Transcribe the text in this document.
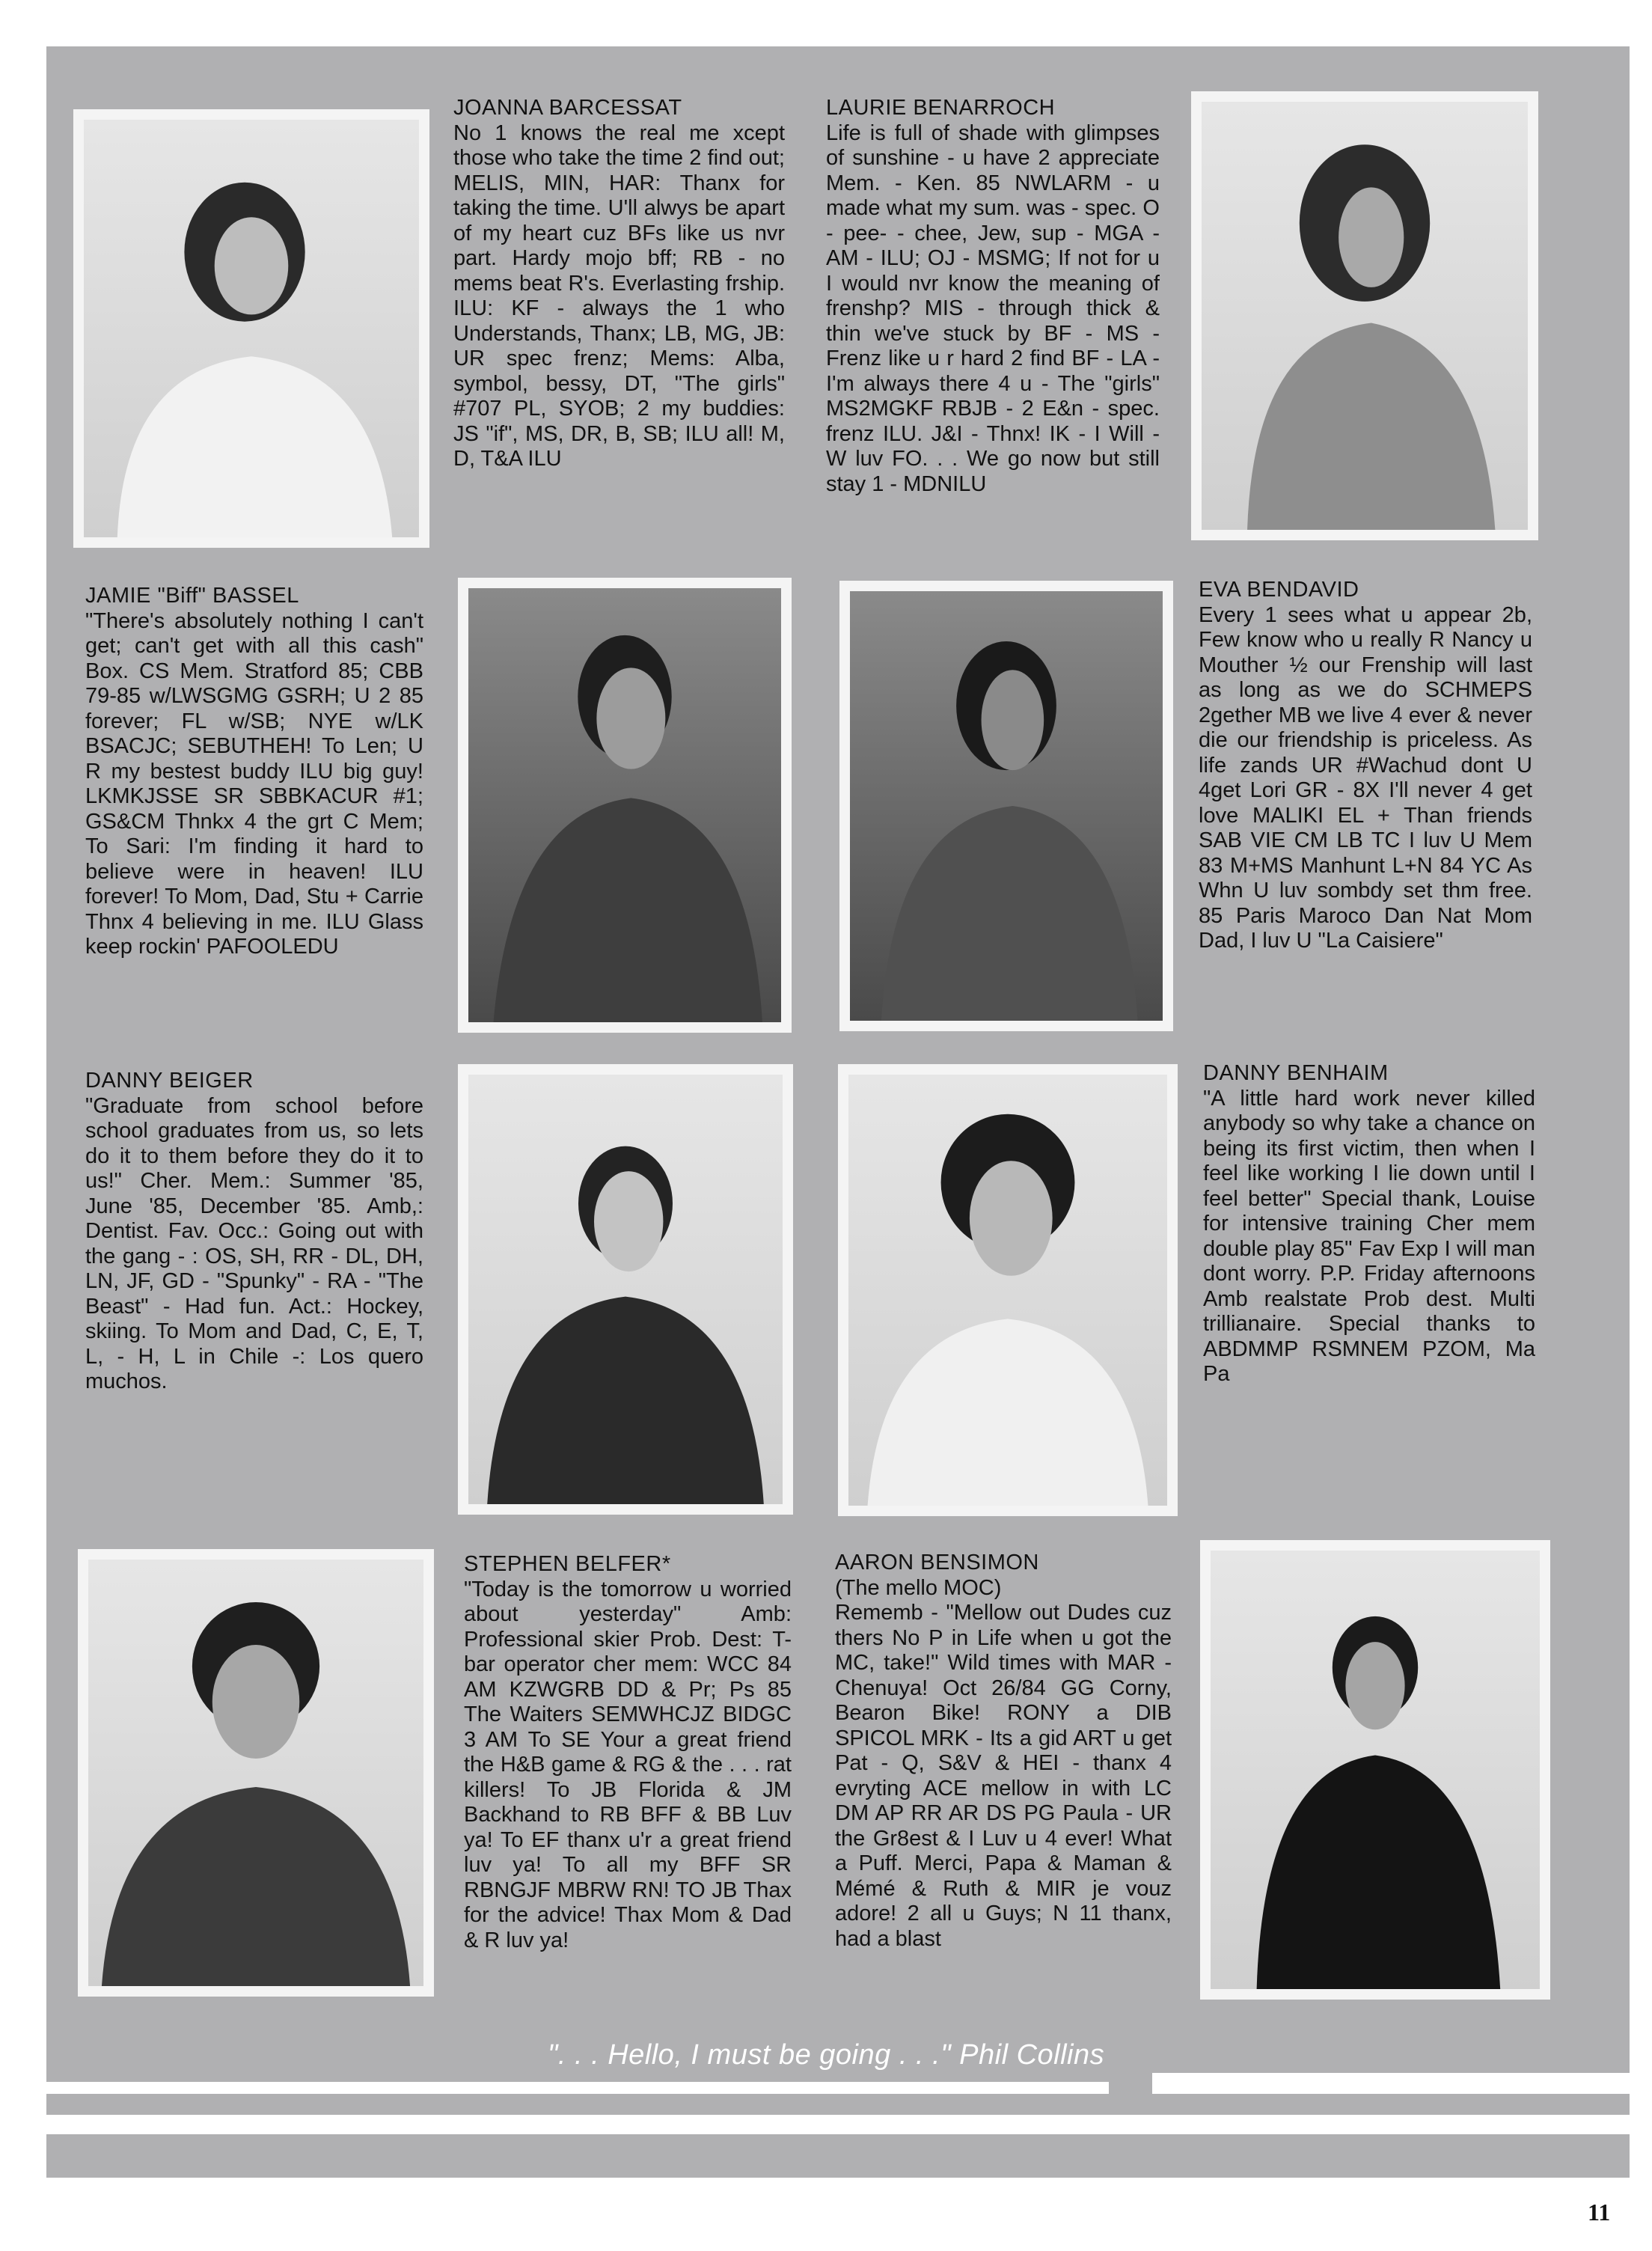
JOANNA BARCESSAT
No 1 knows the real me xcept those who take the time 2 find out; MELIS, MIN, HAR: Thanx for taking the time. U'll alwys be apart of my heart cuz BFs like us nvr part. Hardy mojo bff; RB - no mems beat R's. Everlasting frship. ILU: KF - always the 1 who Understands, Thanx; LB, MG, JB: UR spec frenz; Mems: Alba, symbol, bessy, DT, "The girls" #707 PL, SYOB; 2 my buddies: JS "if", MS, DR, B, SB; ILU all! M, D, T&A ILU
LAURIE BENARROCH
Life is full of shade with glimpses of sunshine - u have 2 appreciate Mem. - Ken. 85 NWLARM - u made what my sum. was - spec. O - pee- - chee, Jew, sup - MGA - AM - ILU; OJ - MSMG; If not for u I would nvr know the meaning of frenshp? MIS - through thick & thin we've stuck by BF - MS - Frenz like u r hard 2 find BF - LA - I'm always there 4 u - The "girls" MS2MGKF RBJB - 2 E&n - spec. frenz ILU. J&I - Thnx! IK - I Will - W luv FO. . . We go now but still stay 1 - MDNILU
JAMIE "Biff" BASSEL
"There's absolutely nothing I can't get; can't get with all this cash" Box. CS Mem. Stratford 85; CBB 79-85 w/LWSGMG GSRH; U 2 85 forever; FL w/SB; NYE w/LK BSACJC; SEBUTHEH! To Len; U R my bestest buddy ILU big guy! LKMKJSSE SR SBBKACUR #1; GS&CM Thnkx 4 the grt C Mem; To Sari: I'm finding it hard to believe were in heaven! ILU forever! To Mom, Dad, Stu + Carrie Thnx 4 believing in me. ILU Glass keep rockin' PAFOOLEDU
EVA BENDAVID
Every 1 sees what u appear 2b, Few know who u really R Nancy u Mouther ½ our Frenship will last as long as we do SCHMEPS 2gether MB we live 4 ever & never die our friendship is priceless. As life zands UR #Wachud dont U 4get Lori GR - 8X I'll never 4 get love MALIKI EL + Than friends SAB VIE CM LB TC I luv U Mem 83 M+MS Manhunt L+N 84 YC As Whn U luv sombdy set thm free. 85 Paris Maroco Dan Nat Mom Dad, I luv U "La Caisiere"
DANNY BEIGER
"Graduate from school before school graduates from us, so lets do it to them before they do it to us!" Cher. Mem.: Summer '85, June '85, December '85. Amb,: Dentist. Fav. Occ.: Going out with the gang - : OS, SH, RR - DL, DH, LN, JF, GD - "Spunky" - RA - "The Beast" - Had fun. Act.: Hockey, skiing. To Mom and Dad, C, E, T, L, - H, L in Chile -: Los quero muchos.
DANNY BENHAIM
"A little hard work never killed anybody so why take a chance on being its first victim, then when I feel like working I lie down until I feel better" Special thank, Louise for intensive training Cher mem double play 85" Fav Exp I will man dont worry. P.P. Friday afternoons Amb realstate Prob dest. Multi trillianaire. Special thanks to ABDMMP RSMNEM PZOM, Ma Pa
STEPHEN BELFER*
"Today is the tomorrow u worried about yesterday" Amb: Professional skier Prob. Dest: T-bar operator cher mem: WCC 84 AM KZWGRB DD & Pr; Ps 85 The Waiters SEMWHCJZ BIDGC 3 AM To SE Your a great friend the H&B game & RG & the . . . rat killers! To JB Florida & JM Backhand to RB BFF & BB Luv ya! To EF thanx u'r a great friend luv ya! To all my BFF SR RBNGJF MBRW RN! TO JB Thax for the advice! Thax Mom & Dad & R luv ya!
AARON BENSIMON
(The mello MOC)
Rememb - "Mellow out Dudes cuz thers No P in Life when u got the MC, take!" Wild times with MAR - Chenuya! Oct 26/84 GG Corny, Bearon Bike! RONY a DIB SPICOL MRK - Its a gid ART u get Pat - Q, S&V & HEI - thanx 4 evryting ACE mellow in with LC DM AP RR AR DS PG Paula - UR the Gr8est & I Luv u 4 ever! What a Puff. Merci, Papa & Maman & Mémé & Ruth & MIR je vouz adore! 2 all u Guys; N 11 thanx, had a blast
". . . Hello, I must be going . . ." Phil Collins
11
